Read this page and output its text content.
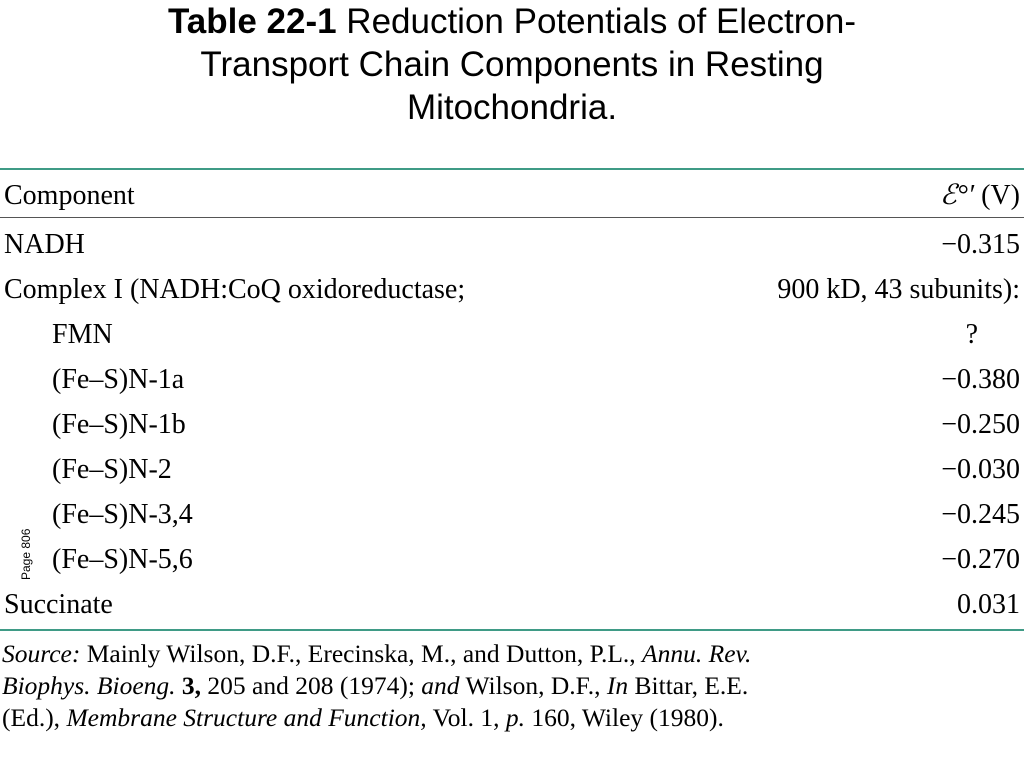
Table 22-1 Reduction Potentials of Electron-
Transport Chain Components in Resting
Mitochondria.
Page 806
Component	ℰ°′ (V)
NADH	−0.315
Complex I (NADH:CoQ oxidoreductase;	900 kD, 43 subunits):
FMN	?
(Fe–S)N-1a	−0.380
(Fe–S)N-1b	−0.250
(Fe–S)N-2	−0.030
(Fe–S)N-3,4	−0.245
(Fe–S)N-5,6	−0.270
Succinate	0.031
Source: Mainly Wilson, D.F., Erecinska, M., and Dutton, P.L., Annu. Rev.
Biophys. Bioeng. 3, 205 and 208 (1974); and Wilson, D.F., In Bittar, E.E.
(Ed.), Membrane Structure and Function, Vol. 1, p. 160, Wiley (1980).
